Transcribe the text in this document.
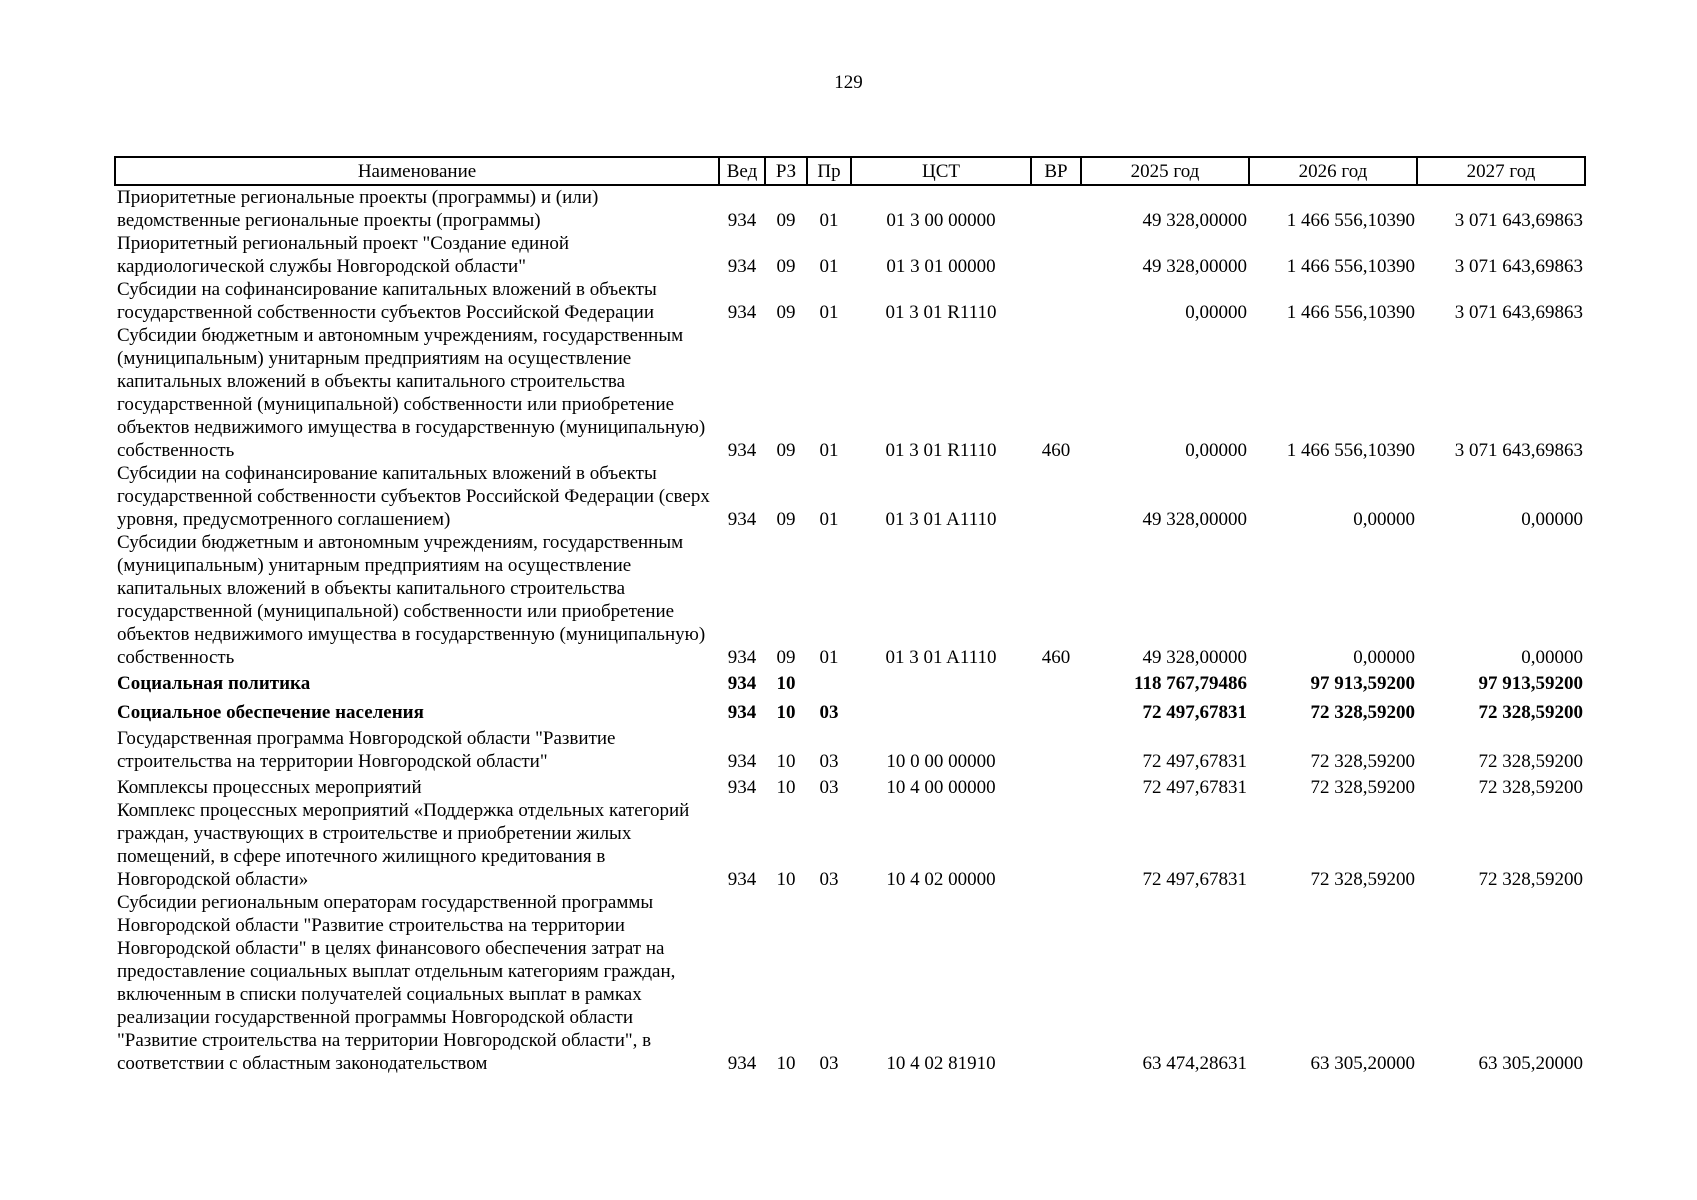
129
Наименование	Вед	РЗ	Пр	ЦСТ	ВР	2025 год	2026 год	2027 год
Приоритетные региональные проекты (программы) и (или) ведомственные региональные проекты (программы)	934	09	01	01 3 00 00000		49 328,00000	1 466 556,10390	3 071 643,69863
Приоритетный региональный проект "Создание единой кардиологической службы Новгородской области"	934	09	01	01 3 01 00000		49 328,00000	1 466 556,10390	3 071 643,69863
Субсидии на софинансирование капитальных вложений в объекты государственной собственности субъектов Российской Федерации	934	09	01	01 3 01 R1110		0,00000	1 466 556,10390	3 071 643,69863
Субсидии бюджетным и автономным учреждениям, государственным (муниципальным) унитарным предприятиям на осуществление капитальных вложений в объекты капитального строительства государственной (муниципальной) собственности или приобретение объектов недвижимого имущества в государственную (муниципальную) собственность	934	09	01	01 3 01 R1110	460	0,00000	1 466 556,10390	3 071 643,69863
Субсидии на софинансирование капитальных вложений в объекты государственной собственности субъектов Российской Федерации (сверх уровня, предусмотренного соглашением)	934	09	01	01 3 01 A1110		49 328,00000	0,00000	0,00000
Субсидии бюджетным и автономным учреждениям, государственным (муниципальным) унитарным предприятиям на осуществление капитальных вложений в объекты капитального строительства государственной (муниципальной) собственности или приобретение объектов недвижимого имущества в государственную (муниципальную) собственность	934	09	01	01 3 01 A1110	460	49 328,00000	0,00000	0,00000
Социальная политика	934	10				118 767,79486	97 913,59200	97 913,59200
Социальное обеспечение населения	934	10	03			72 497,67831	72 328,59200	72 328,59200
Государственная программа Новгородской области "Развитие строительства на территории Новгородской области"	934	10	03	10 0 00 00000		72 497,67831	72 328,59200	72 328,59200
Комплексы процессных мероприятий	934	10	03	10 4 00 00000		72 497,67831	72 328,59200	72 328,59200
Комплекс процессных мероприятий «Поддержка отдельных категорий граждан, участвующих в строительстве и приобретении жилых помещений, в сфере ипотечного жилищного кредитования в Новгородской области»	934	10	03	10 4 02 00000		72 497,67831	72 328,59200	72 328,59200
Субсидии региональным операторам государственной программы Новгородской области "Развитие строительства на территории Новгородской области" в целях финансового обеспечения затрат на предоставление социальных выплат отдельным категориям граждан, включенным в списки получателей социальных выплат в рамках реализации государственной программы Новгородской области "Развитие строительства на территории Новгородской области", в соответствии с областным законодательством	934	10	03	10 4 02 81910		63 474,28631	63 305,20000	63 305,20000
